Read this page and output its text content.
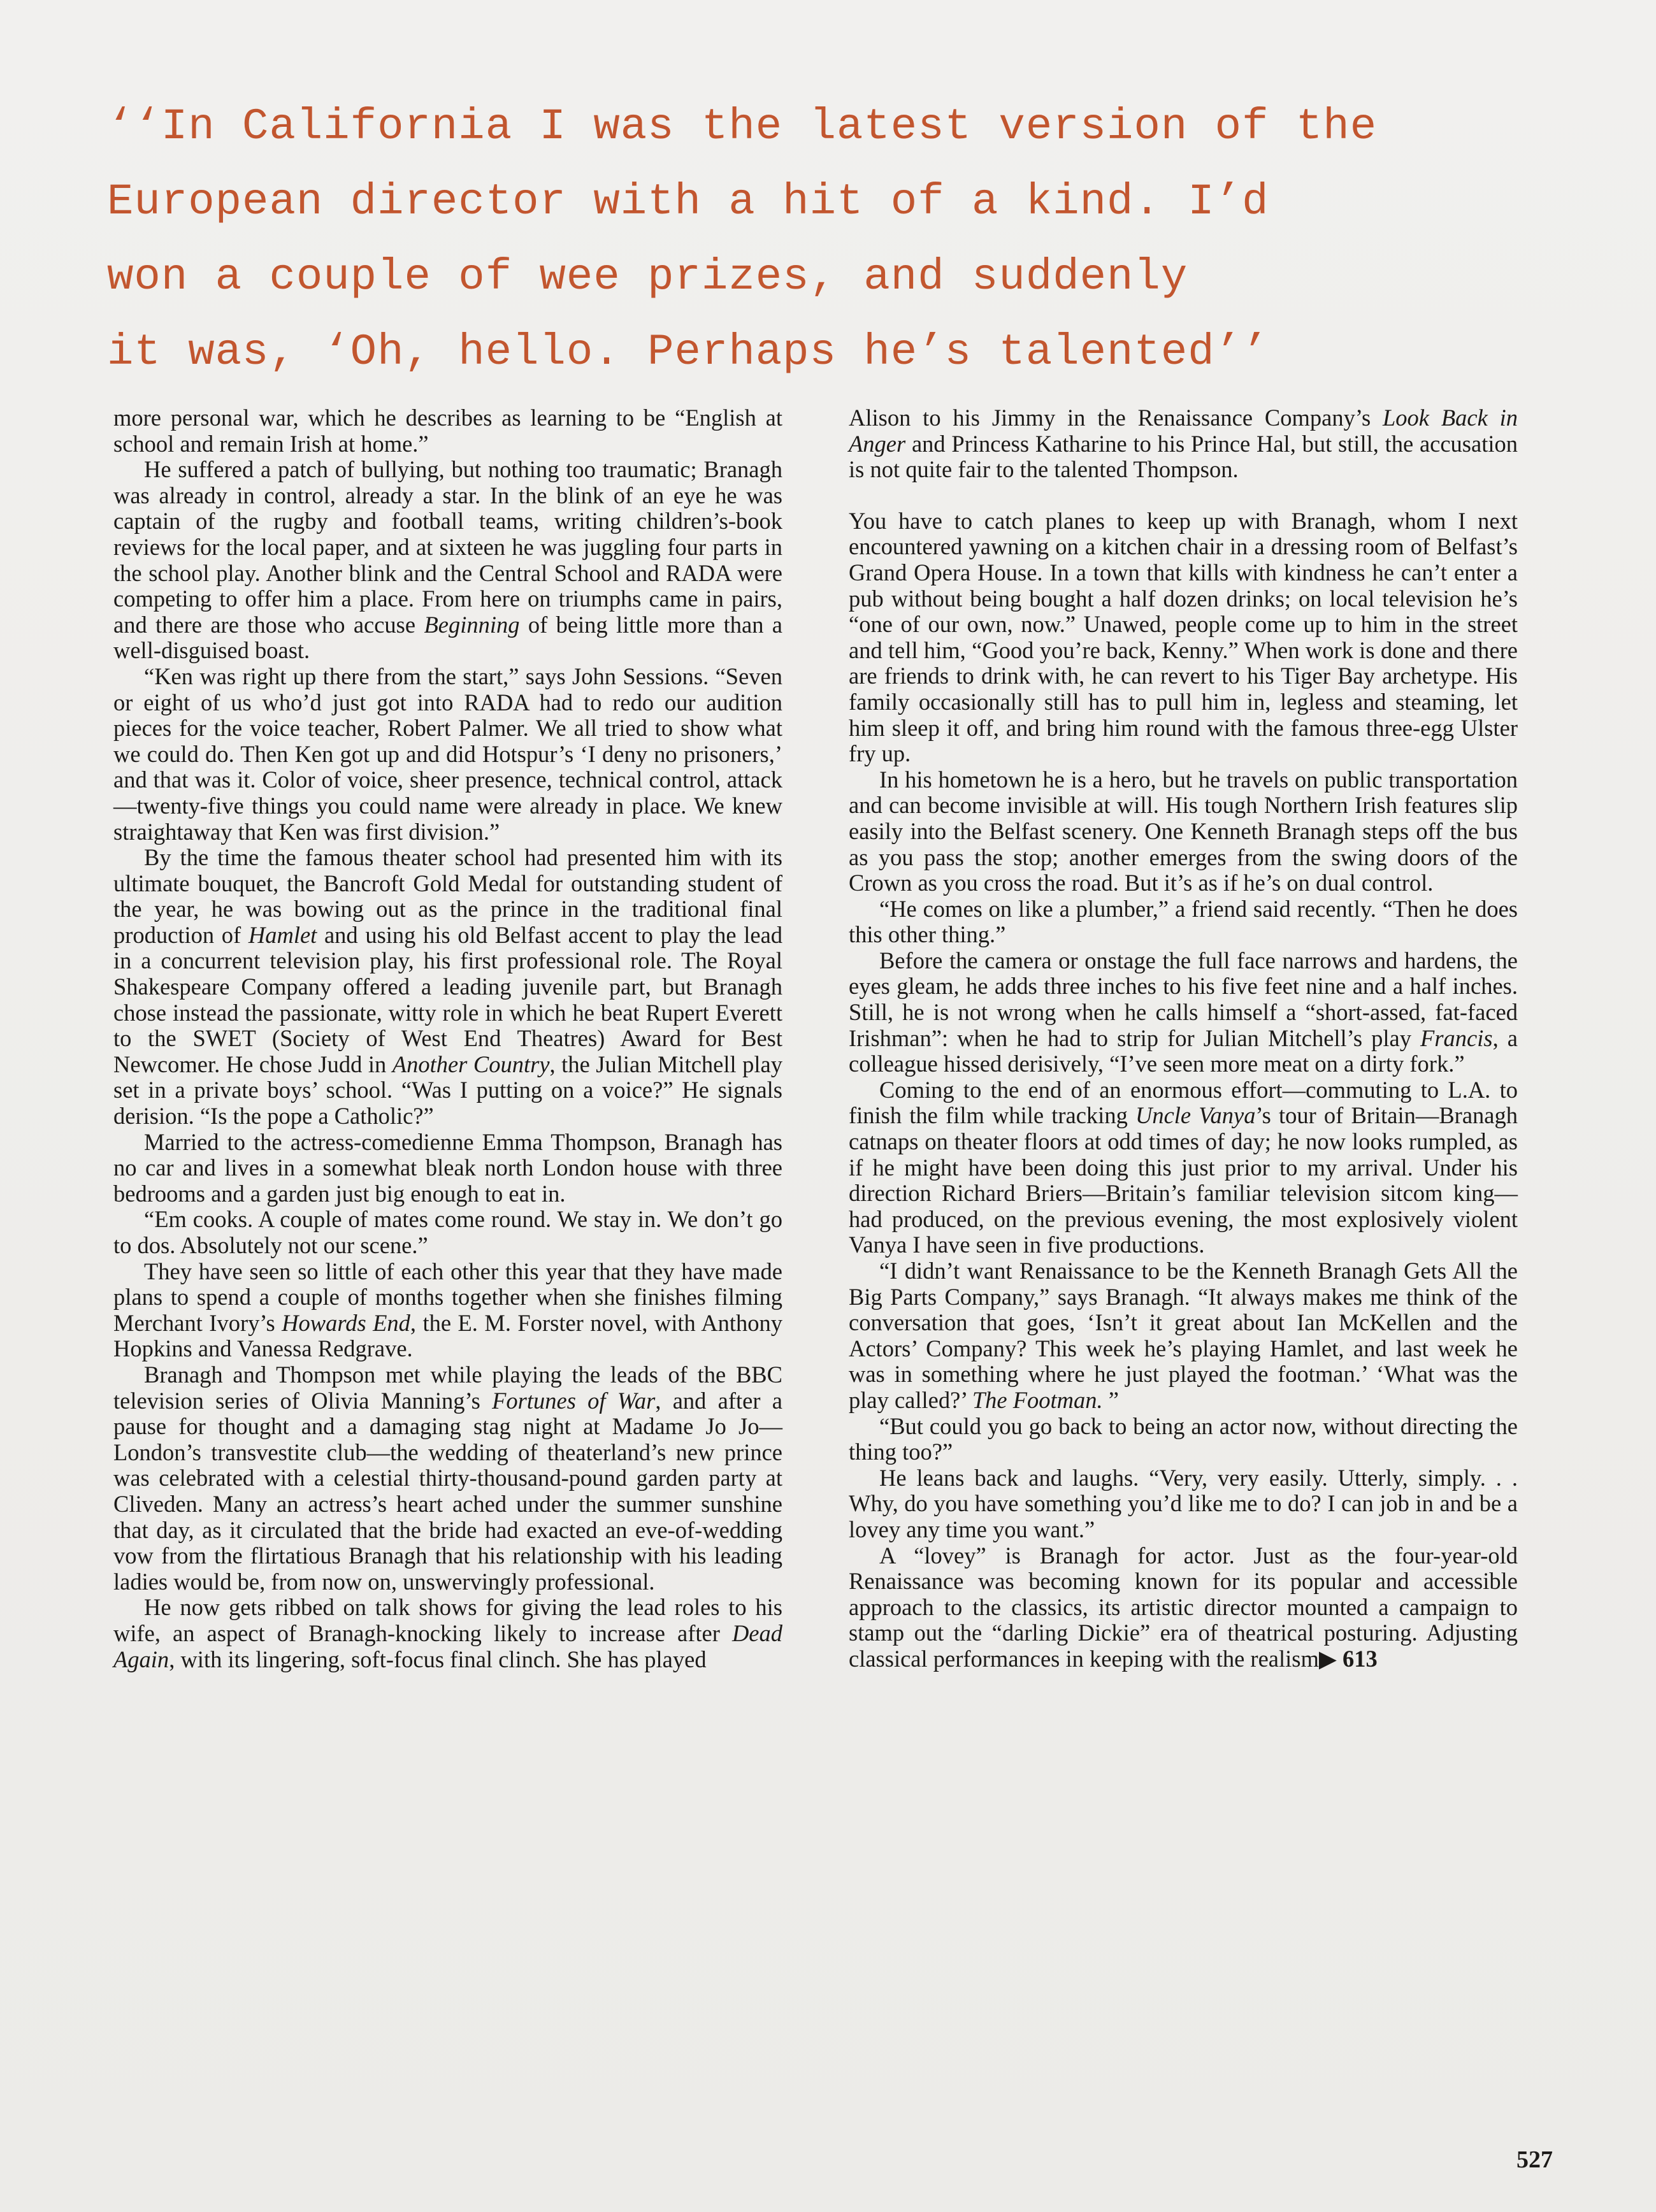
‘‘In California I was the latest version of the
European director with a hit of a kind. I’d
won a couple of wee prizes, and suddenly
it was, ‘Oh, hello. Perhaps he’s talented’’

more personal war, which he describes as learning to be “English at school and remain Irish at home.”

He suffered a patch of bullying, but nothing too traumatic; Branagh was already in control, already a star. In the blink of an eye he was captain of the rugby and football teams, writing children’s-book reviews for the local paper, and at sixteen he was juggling four parts in the school play. Another blink and the Central School and RADA were competing to offer him a place. From here on triumphs came in pairs, and there are those who accuse Beginning of being little more than a well-disguised boast.

“Ken was right up there from the start,” says John Sessions. “Seven or eight of us who’d just got into RADA had to redo our audition pieces for the voice teacher, Robert Palmer. We all tried to show what we could do. Then Ken got up and did Hotspur’s ‘I deny no prisoners,’ and that was it. Color of voice, sheer presence, technical control, attack—twenty-five things you could name were already in place. We knew straightaway that Ken was first division.”

By the time the famous theater school had presented him with its ultimate bouquet, the Bancroft Gold Medal for outstanding student of the year, he was bowing out as the prince in the traditional final production of Hamlet and using his old Belfast accent to play the lead in a concurrent television play, his first professional role. The Royal Shakespeare Company offered a leading juvenile part, but Branagh chose instead the passionate, witty role in which he beat Rupert Everett to the SWET (Society of West End Theatres) Award for Best Newcomer. He chose Judd in Another Country, the Julian Mitchell play set in a private boys’ school. “Was I putting on a voice?” He signals derision. “Is the pope a Catholic?”

Married to the actress-comedienne Emma Thompson, Branagh has no car and lives in a somewhat bleak north London house with three bedrooms and a garden just big enough to eat in.

“Em cooks. A couple of mates come round. We stay in. We don’t go to dos. Absolutely not our scene.”

They have seen so little of each other this year that they have made plans to spend a couple of months together when she finishes filming Merchant Ivory’s Howards End, the E. M. Forster novel, with Anthony Hopkins and Vanessa Redgrave.

Branagh and Thompson met while playing the leads of the BBC television series of Olivia Manning’s Fortunes of War, and after a pause for thought and a damaging stag night at Madame Jo Jo—London’s transvestite club—the wedding of theaterland’s new prince was celebrated with a celestial thirty-thousand-pound garden party at Cliveden. Many an actress’s heart ached under the summer sunshine that day, as it circulated that the bride had exacted an eve-of-wedding vow from the flirtatious Branagh that his relationship with his leading ladies would be, from now on, unswervingly professional.

He now gets ribbed on talk shows for giving the lead roles to his wife, an aspect of Branagh-knocking likely to increase after Dead Again, with its lingering, soft-focus final clinch. She has played

Alison to his Jimmy in the Renaissance Company’s Look Back in Anger and Princess Katharine to his Prince Hal, but still, the accusation is not quite fair to the talented Thompson.

You have to catch planes to keep up with Branagh, whom I next encountered yawning on a kitchen chair in a dressing room of Belfast’s Grand Opera House. In a town that kills with kindness he can’t enter a pub without being bought a half dozen drinks; on local television he’s “one of our own, now.” Unawed, people come up to him in the street and tell him, “Good you’re back, Kenny.” When work is done and there are friends to drink with, he can revert to his Tiger Bay archetype. His family occasionally still has to pull him in, legless and steaming, let him sleep it off, and bring him round with the famous three-egg Ulster fry up.

In his hometown he is a hero, but he travels on public transportation and can become invisible at will. His tough Northern Irish features slip easily into the Belfast scenery. One Kenneth Branagh steps off the bus as you pass the stop; another emerges from the swing doors of the Crown as you cross the road. But it’s as if he’s on dual control.

“He comes on like a plumber,” a friend said recently. “Then he does this other thing.”

Before the camera or onstage the full face narrows and hardens, the eyes gleam, he adds three inches to his five feet nine and a half inches. Still, he is not wrong when he calls himself a “short-assed, fat-faced Irishman”: when he had to strip for Julian Mitchell’s play Francis, a colleague hissed derisively, “I’ve seen more meat on a dirty fork.”

Coming to the end of an enormous effort—commuting to L.A. to finish the film while tracking Uncle Vanya’s tour of Britain—Branagh catnaps on theater floors at odd times of day; he now looks rumpled, as if he might have been doing this just prior to my arrival. Under his direction Richard Briers—Britain’s familiar television sitcom king—had produced, on the previous evening, the most explosively violent Vanya I have seen in five productions.

“I didn’t want Renaissance to be the Kenneth Branagh Gets All the Big Parts Company,” says Branagh. “It always makes me think of the conversation that goes, ‘Isn’t it great about Ian McKellen and the Actors’ Company? This week he’s playing Hamlet, and last week he was in something where he just played the footman.’ ‘What was the play called?’ The Footman. ”

“But could you go back to being an actor now, without directing the thing too?”

He leans back and laughs. “Very, very easily. Utterly, simply. . . Why, do you have something you’d like me to do? I can job in and be a lovey any time you want.”

A “lovey” is Branagh for actor. Just as the four-year-old Renaissance was becoming known for its popular and accessible approach to the classics, its artistic director mounted a campaign to stamp out the “darling Dickie” era of theatrical posturing. Adjusting classical performances in keeping with the realism▶ 613

527
